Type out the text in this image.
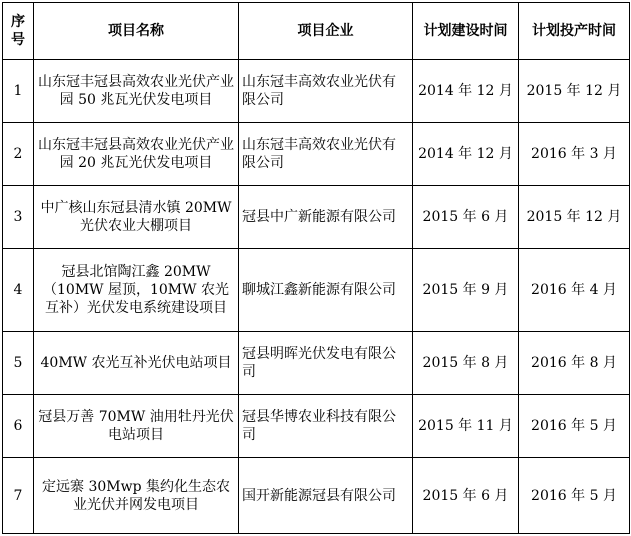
序号	项目名称	项目企业	计划建设时间	计划投产时间
1	山东冠丰冠县高效农业光伏产业园 50 兆瓦光伏发电项目	山东冠丰高效农业光伏有限公司	2014 年 12 月	2015 年 12 月
2	山东冠丰冠县高效农业光伏产业园 20 兆瓦光伏发电项目	山东冠丰高效农业光伏有限公司	2014 年 12 月	2016 年 3 月
3	中广核山东冠县清水镇 20MW 光伏农业大棚项目	冠县中广新能源有限公司	2015 年 6 月	2015 年 12 月
4	冠县北馆陶江鑫 20MW（10MW 屋顶，10MW 农光互补）光伏发电系统建设项目	聊城江鑫新能源有限公司	2015 年 9 月	2016 年 4 月
5	40MW 农光互补光伏电站项目	冠县明晖光伏发电有限公司	2015 年 8 月	2016 年 8 月
6	冠县万善 70MW 油用牡丹光伏电站项目	冠县华博农业科技有限公司	2015 年 11 月	2016 年 5 月
7	定远寨 30Mwp 集约化生态农业光伏并网发电项目	国开新能源冠县有限公司	2015 年 6 月	2016 年 5 月
